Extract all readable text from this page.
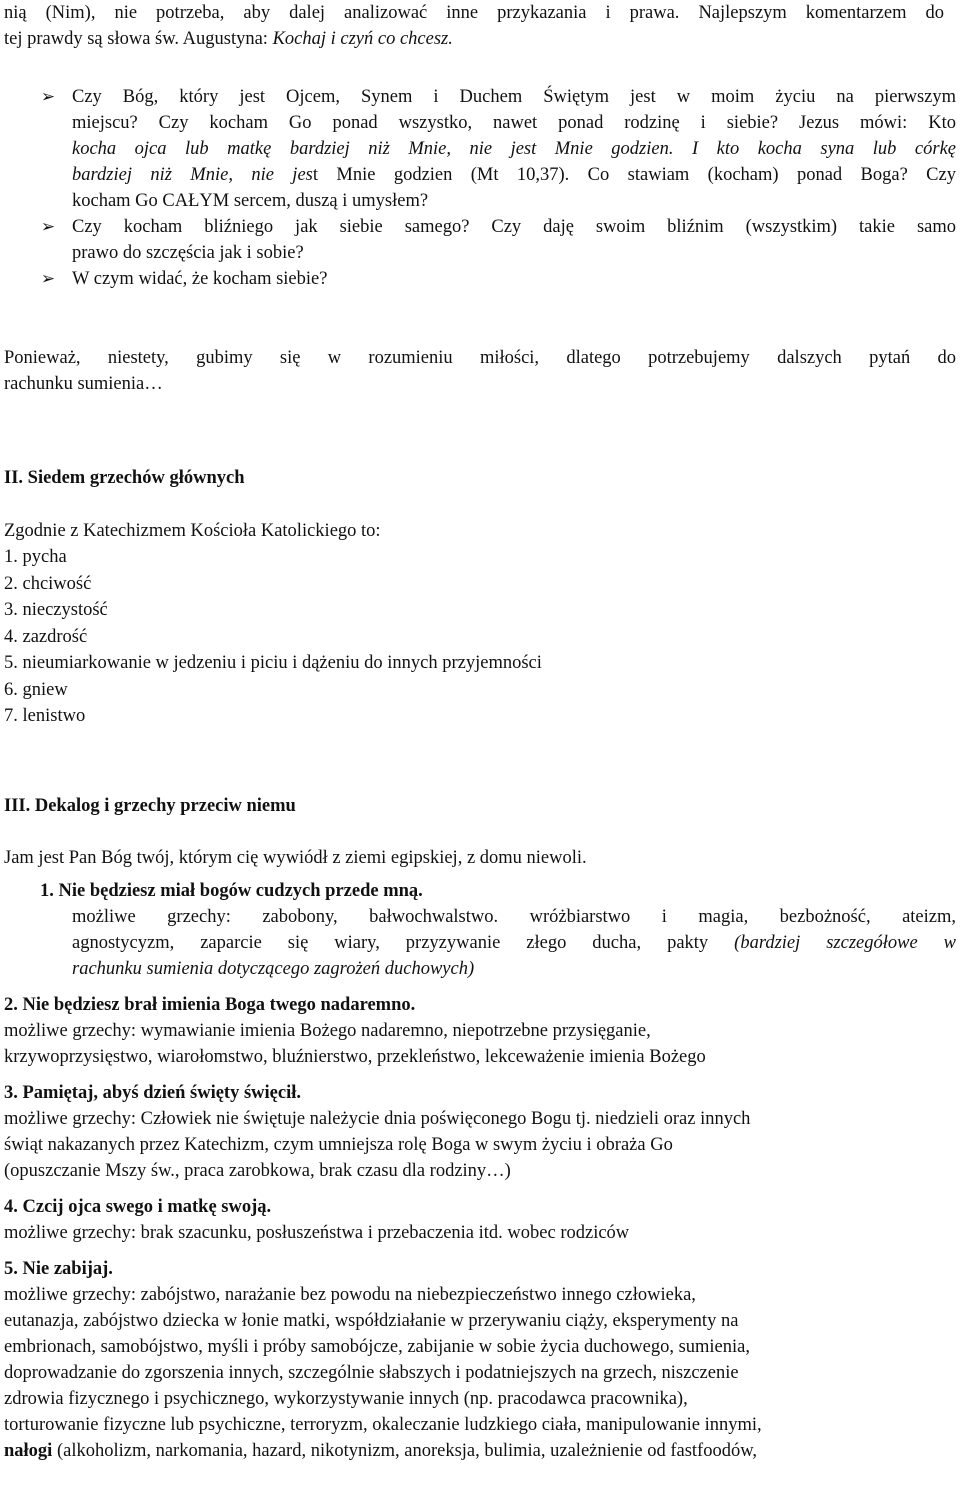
nią (Nim), nie potrzeba, aby dalej analizować inne przykazania i prawa. Najlepszym komentarzem do

tej prawdy są słowa św. Augustyna: Kochaj i czyń co chcesz.

➢ Czy Bóg, który jest Ojcem, Synem i Duchem Świętym jest w moim życiu na pierwszym

miejscu? Czy kocham Go ponad wszystko, nawet ponad rodzinę i siebie? Jezus mówi: Kto

kocha ojca lub matkę bardziej niż Mnie, nie jest Mnie godzien. I kto kocha syna lub córkę

bardziej niż Mnie, nie jest Mnie godzien (Mt 10,37). Co stawiam (kocham) ponad Boga? Czy

kocham Go CAŁYM sercem, duszą i umysłem?

➢ Czy kocham bliźniego jak siebie samego? Czy daję swoim bliźnim (wszystkim) takie samo

prawo do szczęścia jak i sobie?

➢ W czym widać, że kocham siebie?

Ponieważ, niestety, gubimy się w rozumieniu miłości, dlatego potrzebujemy dalszych pytań do

rachunku sumienia…

II. Siedem grzechów głównych

Zgodnie z Katechizmem Kościoła Katolickiego to:

1. pycha

2. chciwość

3. nieczystość

4. zazdrość

5. nieumiarkowanie w jedzeniu i piciu i dążeniu do innych przyjemności

6. gniew

7. lenistwo

III. Dekalog i grzechy przeciw niemu

Jam jest Pan Bóg twój, którym cię wywiódł z ziemi egipskiej, z domu niewoli.

1. Nie będziesz miał bogów cudzych przede mną.

możliwe grzechy: zabobony, bałwochwalstwo. wróżbiarstwo i magia, bezbożność, ateizm,

agnostycyzm, zaparcie się wiary, przyzywanie złego ducha, pakty (bardziej szczegółowe w

rachunku sumienia dotyczącego zagrożeń duchowych)

2. Nie będziesz brał imienia Boga twego nadaremno.

możliwe grzechy: wymawianie imienia Bożego nadaremno, niepotrzebne przysięganie,

krzywoprzysięstwo, wiarołomstwo, bluźnierstwo, przekleństwo, lekceważenie imienia Bożego

3. Pamiętaj, abyś dzień święty święcił.

możliwe grzechy: Człowiek nie świętuje należycie dnia poświęconego Bogu tj. niedzieli oraz innych

świąt nakazanych przez Katechizm, czym umniejsza rolę Boga w swym życiu i obraża Go

(opuszczanie Mszy św., praca zarobkowa, brak czasu dla rodziny…)

4. Czcij ojca swego i matkę swoją.

możliwe grzechy: brak szacunku, posłuszeństwa i przebaczenia itd. wobec rodziców

5. Nie zabijaj.

możliwe grzechy: zabójstwo, narażanie bez powodu na niebezpieczeństwo innego człowieka,

eutanazja, zabójstwo dziecka w łonie matki, współdziałanie w przerywaniu ciąży, eksperymenty na

embrionach, samobójstwo, myśli i próby samobójcze, zabijanie w sobie życia duchowego, sumienia,

doprowadzanie do zgorszenia innych, szczególnie słabszych i podatniejszych na grzech, niszczenie

zdrowia fizycznego i psychicznego, wykorzystywanie innych (np. pracodawca pracownika),

torturowanie fizyczne lub psychiczne, terroryzm, okaleczanie ludzkiego ciała, manipulowanie innymi,

nałogi (alkoholizm, narkomania, hazard, nikotynizm, anoreksja, bulimia, uzależnienie od fastfoodów,
